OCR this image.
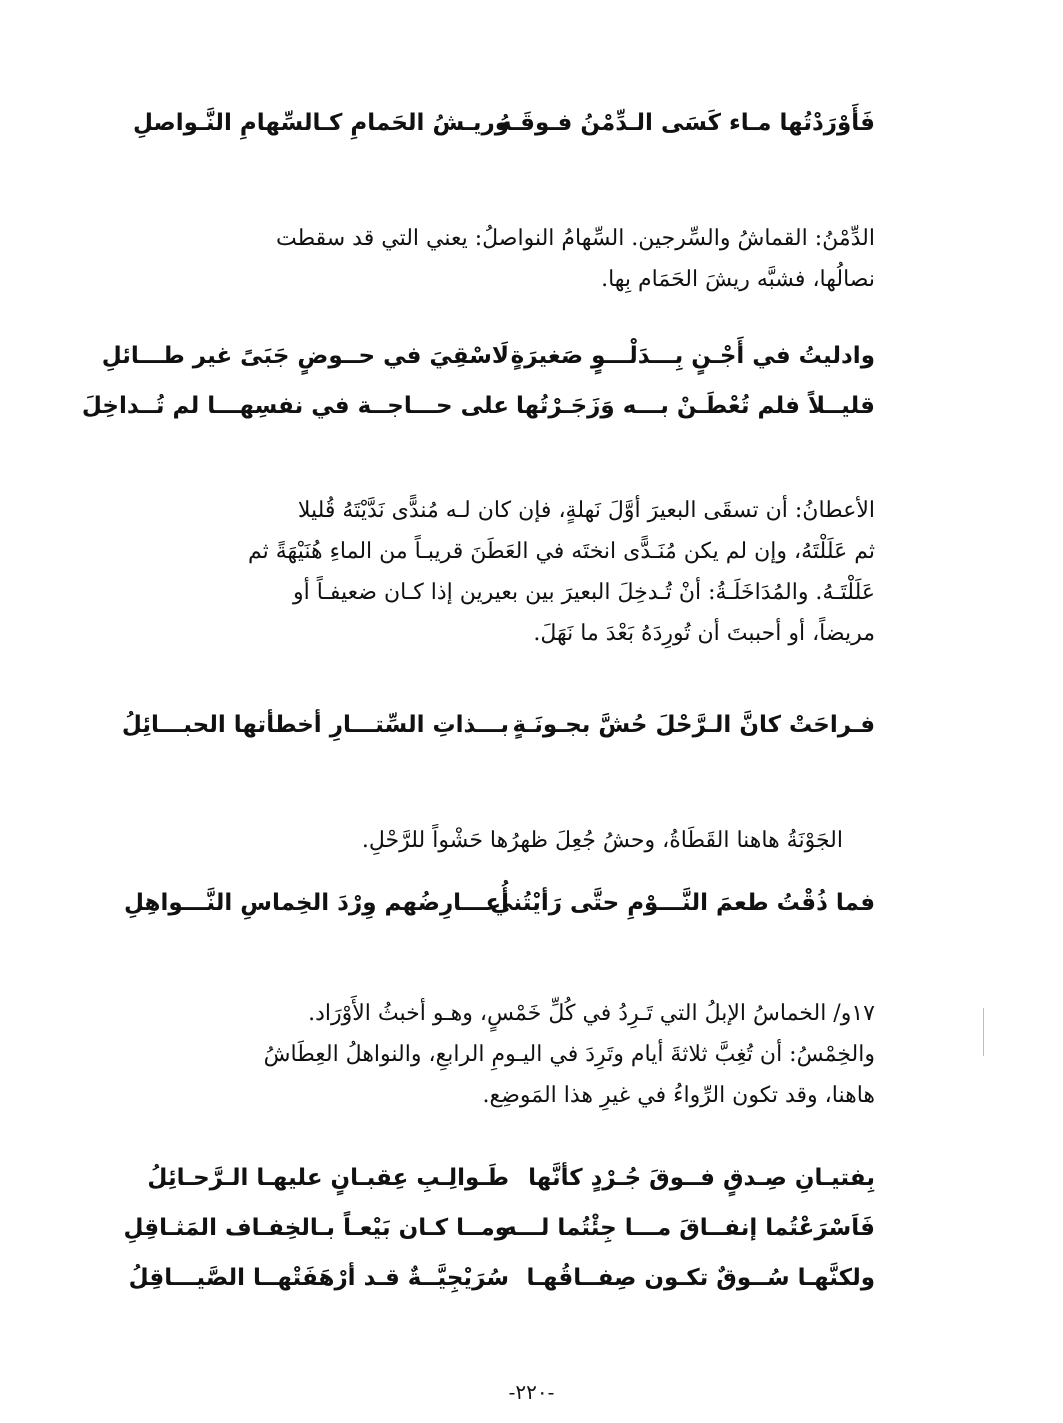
فَأَوْرَدْتُها مـاء كَسَى الـدِّمْنُ فـوقَـهُ
وريـشُ الحَمامِ كـالسِّهامِ النَّـواصلِ
الدِّمْنُ: القماشُ والسِّرجين. السِّهامُ النواصلُ: يعني التي قد سقطت
نصالُها، فشبَّه ريشَ الحَمَام بِها.
وادليتُ في أَجْـنٍ بِـــدَلْـــوٍ صَغيرَةٍ
لَاسْقِيَ في حــوضٍ جَبَىً غير طـــائلِ
قليــلاً فلم تُعْطَـنْ بـــه وَزَجَـرْتُها
على حـــاجــة في نفسِهـــا لم تُــداخِلَ
الأعطانُ: أن تسقَى البعيرَ أوَّلَ نَهلةٍ، فإن كان لـه مُندًّى نَدَّيْتَهُ قُليلا
ثم عَلَلْتَهُ، وإن لم يكن مُنَـدًّى انختَه في العَطَنَ قريبـاً من الماءِ هُنَيْهَةً ثم
عَلَلْتَـهُ. والمُدَاخَلَـةُ: أنْ تُـدخِلَ البعيرَ بين بعيرين إذا كـان ضعيفـاً أو
مريضاً، أو أحببتَ أن تُورِدَهُ بَعْدَ ما نَهَلَ.
فـراحَتْ كانَّ الـرَّحْلَ حُشَّ بجـونَـةٍ
بـــذاتِ السِّتـــارِ أخطأتها الحبـــائِلُ
الجَوْنَةُ هاهنا القَطَاةُ، وحشُ جُعِلَ ظهرُها حَشْواً للرَّحْلِ.
فما ذُقْتُ طعمَ النَّـــوْمِ حتَّى رَأيْتُني
أُعـــارِضُهم وِرْدَ الخِماسِ النَّـــواهِلِ
١٧و/ الخماسُ الإبلُ التي تَـرِدُ في كُلِّ خَمْسٍ، وهـو أخبثُ الأَوْرَاد.
والخِمْسُ: أن تُغِبَّ ثلاثةَ أيام وتَرِدَ في اليـومِ الرابعِ، والنواهلُ العِطَاشُ
هاهنا، وقد تكون الرِّواءُ في غيرِ هذا المَوضِع.
بِفتيـانِ صِـدقٍ فــوقَ جُـرْدٍ كأنَّها
طَـوالِـبِ عِقبـانٍ عليهـا الـرَّحـائِلُ
فَاَسْرَعْتُما إنفــاقَ مـــا جِئْتُما لـــه
ومــا كـان بَيْعـاً بـالخِفـاف المَثـاقِلِ
ولكنَّهـا سُــوقٌ تكـون صِفــاقُهـا
سُرَيْجِيَّــةٌ قـد أرْهَفَتْهــا الصَّيـــاقِلُ
-٢٢٠-
